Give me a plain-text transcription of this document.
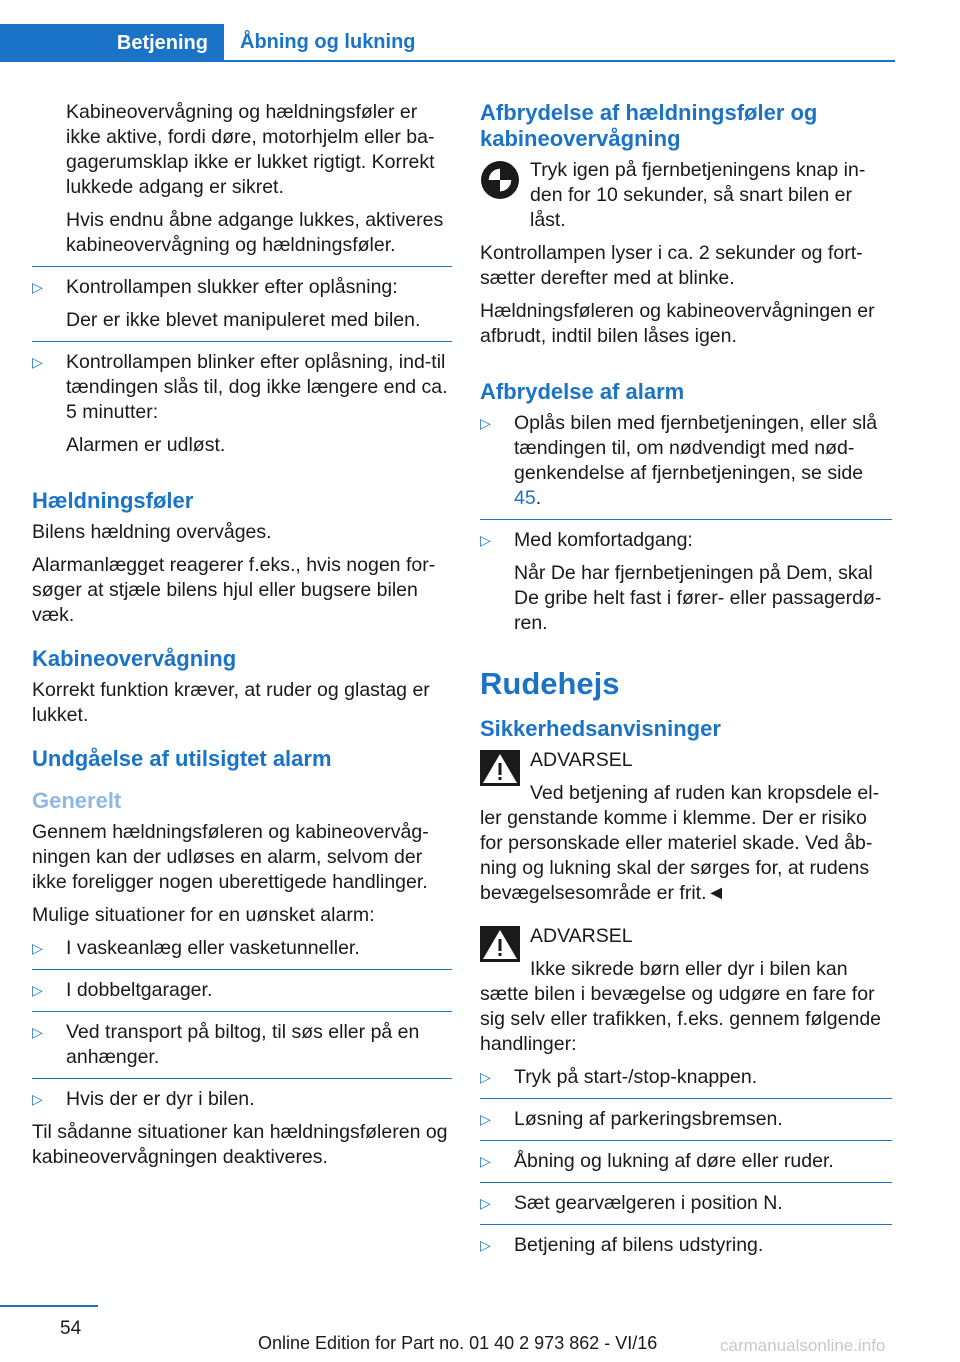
Betjening	Åbning og lukning

Kabineovervågning og hældningsføler er ikke aktive, fordi døre, motorhjelm eller ba-gagerumsklap ikke er lukket rigtigt. Korrekt lukkede adgang er sikret.

Hvis endnu åbne adgange lukkes, aktiveres kabineovervågning og hældningsføler.

▷	Kontrollampen slukker efter oplåsning:

Der er ikke blevet manipuleret med bilen.

▷	Kontrollampen blinker efter oplåsning, ind-til tændingen slås til, dog ikke længere end ca. 5 minutter:

Alarmen er udløst.

Hældningsføler

Bilens hældning overvåges.

Alarmanlægget reagerer f.eks., hvis nogen for-søger at stjæle bilens hjul eller bugsere bilen væk.

Kabineovervågning

Korrekt funktion kræver, at ruder og glastag er lukket.

Undgåelse af utilsigtet alarm
Generelt

Gennem hældningsføleren og kabineovervåg-ningen kan der udløses en alarm, selvom der ikke foreligger nogen uberettigede handlinger.

Mulige situationer for en uønsket alarm:

▷	I vaskeanlæg eller vasketunneller.
▷	I dobbeltgarager.
▷	Ved transport på biltog, til søs eller på en anhænger.
▷	Hvis der er dyr i bilen.

Til sådanne situationer kan hældningsføleren og kabineovervågningen deaktiveres.

Afbrydelse af hældningsføler og kabineovervågning

Tryk igen på fjernbetjeningens knap in-den for 10 sekunder, så snart bilen er låst.

Kontrollampen lyser i ca. 2 sekunder og fort-sætter derefter med at blinke.

Hældningsføleren og kabineovervågningen er afbrudt, indtil bilen låses igen.

Afbrydelse af alarm
▷	Oplås bilen med fjernbetjeningen, eller slå tændingen til, om nødvendigt med nød-genkendelse af fjernbetjeningen, se side 45.
▷	Med komfortadgang:

Når De har fjernbetjeningen på Dem, skal De gribe helt fast i fører- eller passagerdø-ren.

Rudehejs
Sikkerhedsanvisninger

ADVARSEL

Ved betjening af ruden kan kropsdele el-ler genstande komme i klemme. Der er risiko for personskade eller materiel skade. Ved åb-ning og lukning skal der sørges for, at rudens bevægelsesområde er frit.◄

ADVARSEL

Ikke sikrede børn eller dyr i bilen kan sætte bilen i bevægelse og udgøre en fare for sig selv eller trafikken, f.eks. gennem følgende handlinger:

▷	Tryk på start-/stop-knappen.
▷	Løsning af parkeringsbremsen.
▷	Åbning og lukning af døre eller ruder.
▷	Sæt gearvælgeren i position N.
▷	Betjening af bilens udstyring.
54
Online Edition for Part no. 01 40 2 973 862 - VI/16	carmanualsonline.info
